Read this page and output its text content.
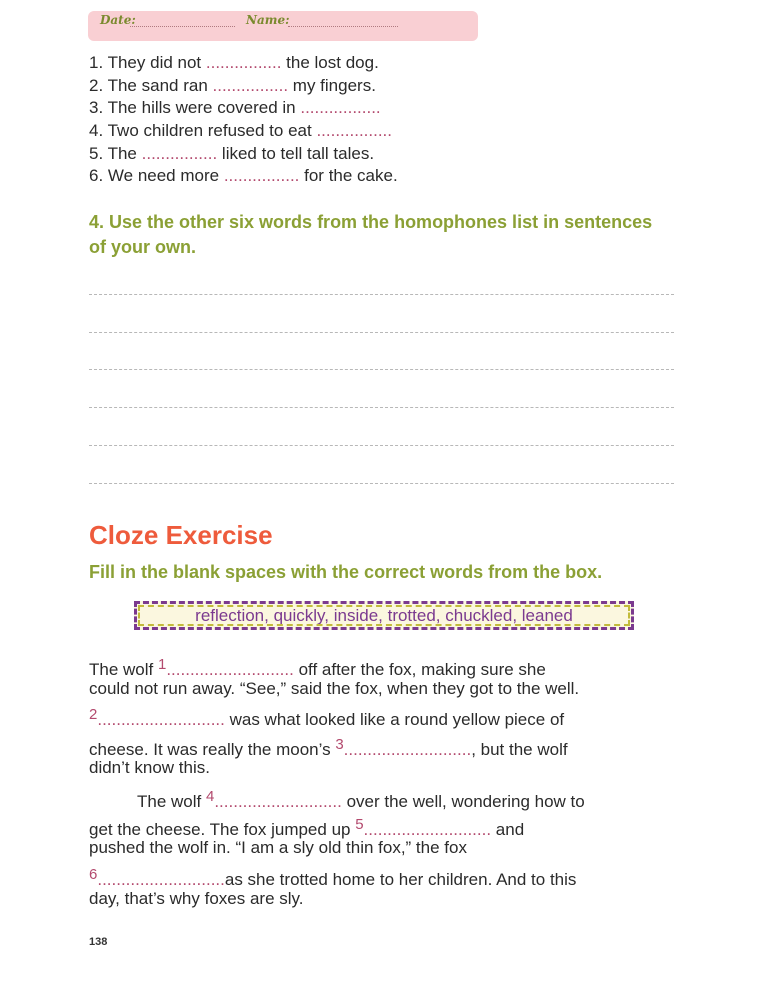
Date:	Name:
1. They did not ................ the lost dog.
2. The sand ran ................ my fingers.
3. The hills were covered in .................
4. Two children refused to eat ................
5. The ................ liked to tell tall tales.
6. We need more ................ for the cake.
4. Use the other six words from the homophones list in sentences
of your own.
Cloze Exercise
Fill in the blank spaces with the correct words from the box.
reflection, quickly, inside, trotted, chuckled, leaned
The wolf 1........................... off after the fox, making sure she
could not run away. “See,” said the fox, when they got to the well.
2........................... was what looked like a round yellow piece of
cheese. It was really the moon’s 3..........................., but the wolf
didn’t know this.
The wolf 4........................... over the well, wondering how to
get the cheese. The fox jumped up 5........................... and
pushed the wolf in. “I am a sly old thin fox,” the fox
6...........................as she trotted home to her children. And to this
day, that’s why foxes are sly.
138
